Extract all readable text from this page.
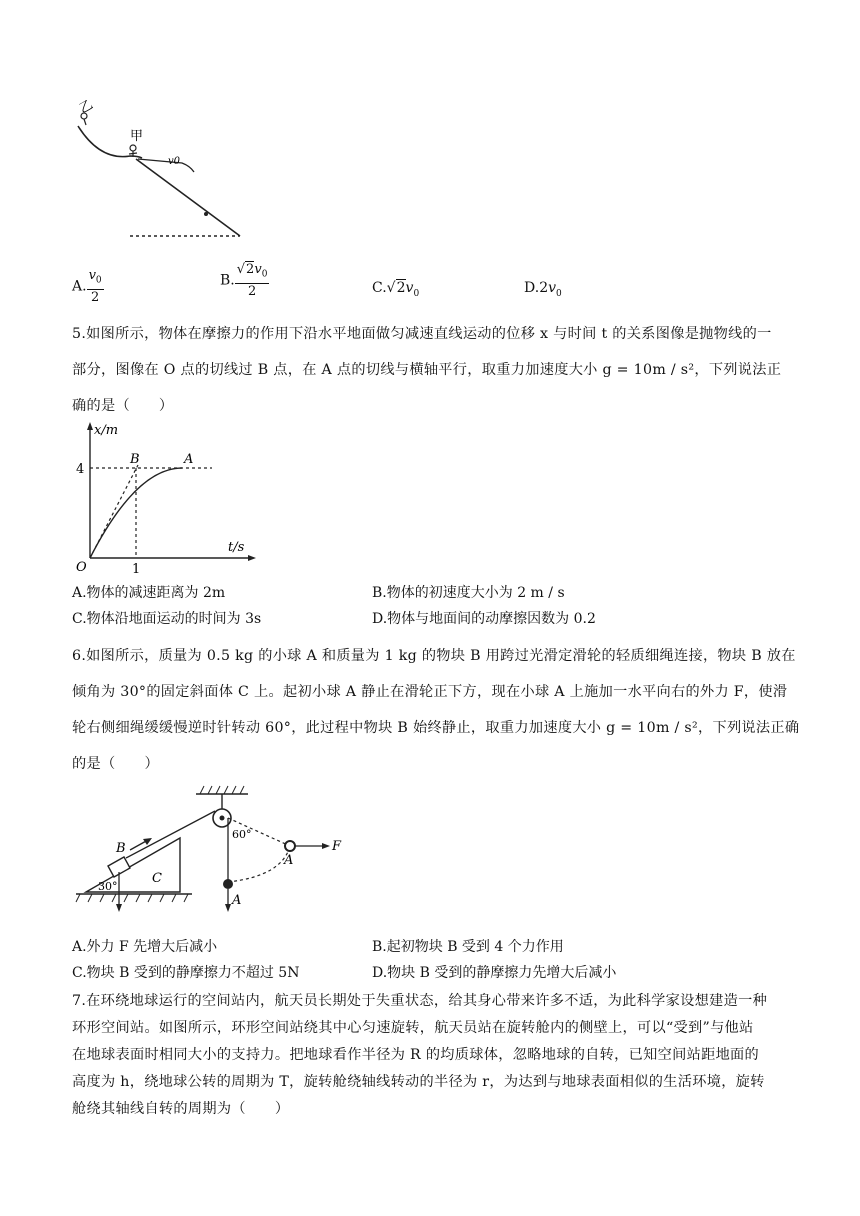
乙
甲
v0
A. $\frac{v_0}{2}$	B. $\frac{√2v_0}{2}$	$C.√2v_0$	$D.2v_0$
5.如图所示，物体在摩擦力的作用下沿水平地面做匀减速直线运动的位移 x 与时间 t 的关系图像是抛物线的一
部分，图像在 O 点的切线过 B 点，在 A 点的切线与横轴平行，取重力加速度大小 g = 10m / s²，下列说法正
确的是（　　）
x/m
t/s
4
1
O
B	A
A.物体的减速距离为 2m	B.物体的初速度大小为 2 m / s
C.物体沿地面运动的时间为 3s	D.物体与地面间的动摩擦因数为 0.2
6.如图所示，质量为 0.5 kg 的小球 A 和质量为 1 kg 的物块 B 用跨过光滑定滑轮的轻质细绳连接，物块 B 放在
倾角为 30°的固定斜面体 C 上。起初小球 A 静止在滑轮正下方，现在小球 A 上施加一水平向右的外力 F，使滑
轮右侧细绳缓缓慢逆时针转动 60°，此过程中物块 B 始终静止，取重力加速度大小 g = 10m / s²，下列说法正确
的是（　　）
B
C
30°
60°
A
A
F
A.外力 F 先增大后减小	B.起初物块 B 受到 4 个力作用
C.物块 B 受到的静摩擦力不超过 5N	D.物块 B 受到的静摩擦力先增大后减小
7.在环绕地球运行的空间站内，航天员长期处于失重状态，给其身心带来许多不适，为此科学家设想建造一种
环形空间站。如图所示，环形空间站绕其中心匀速旋转，航天员站在旋转舱内的侧壁上，可以“受到”与他站
在地球表面时相同大小的支持力。把地球看作半径为 R 的均质球体，忽略地球的自转，已知空间站距地面的
高度为 h，绕地球公转的周期为 T，旋转舱绕轴线转动的半径为 r，为达到与地球表面相似的生活环境，旋转
舱绕其轴线自转的周期为（　　）
